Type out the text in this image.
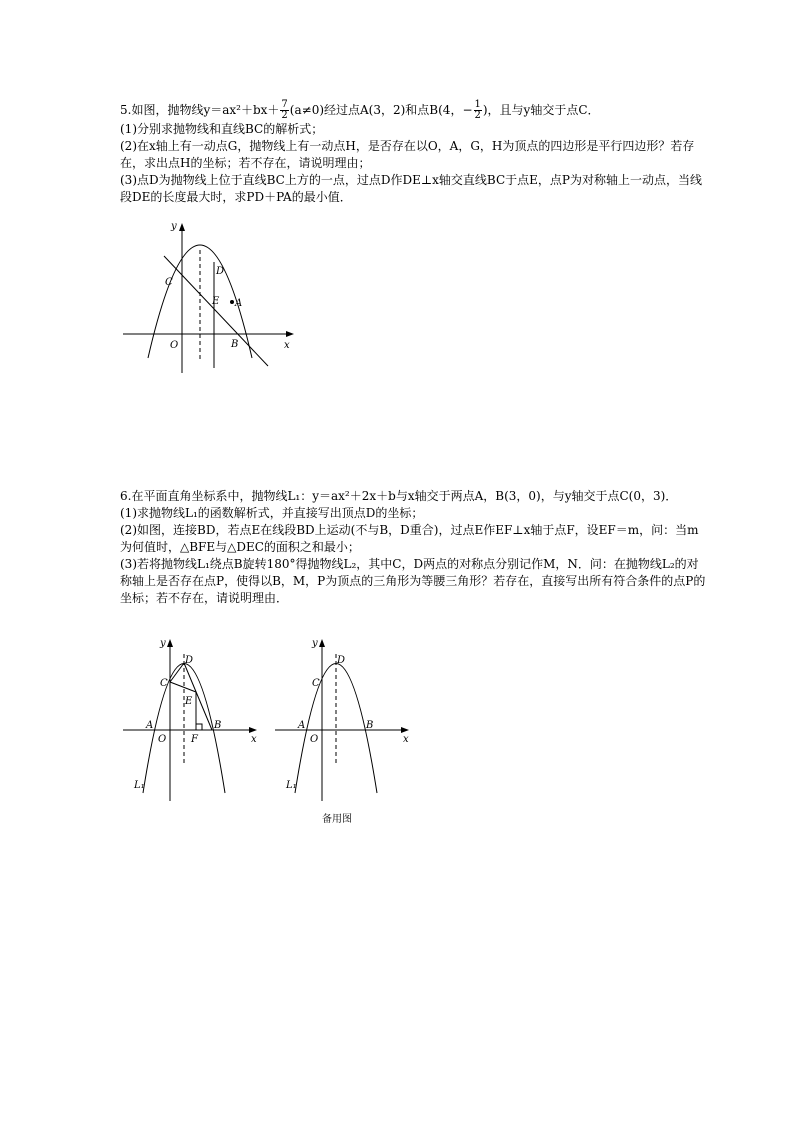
5.如图，抛物线$y=ax^2+bx+ \frac{7}{2} (a\ne 0)$经过点A(3，2)和点B(4，− $\frac{1}{2}$ )，且与y轴交于点C．

(1)分别求抛物线和直线BC的解析式；

(2)在x轴上有一动点G，抛物线上有一动点H，是否存在以O，A，G，H为顶点的四边形是平行四边形？若存在，求出点H的坐标；若不存在，请说明理由；

(3)点D为抛物线上位于直线BC上方的一点，过点D作DE⊥x轴交直线BC于点E，点P为对称轴上一动点，当线段DE的长度最大时，求PD＋PA的最小值．

y
x
O
C
D
E A
B

6.在平面直角坐标系中，抛物线L₁：y＝ax²＋2x＋b与x轴交于两点A，B(3，0)，与y轴交于点C(0，3)．

(1)求抛物线L₁的函数解析式，并直接写出顶点D的坐标；

(2)如图，连接BD，若点E在线段BD上运动(不与B，D重合)，过点E作EF⊥x轴于点F，设EF＝m，问：当m为何值时，△BFE与△DEC的面积之和最小；

(3)若将抛物线L₁绕点B旋转180°得抛物线L₂，其中C，D两点的对称点分别记作M，N．问：在抛物线L₂的对称轴上是否存在点P，使得以B，M，P为顶点的三角形为等腰三角形？若存在，直接写出所有符合条件的点P的坐标；若不存在，请说明理由．

y
x
O
A	B
C
D
E
F
L₁
y
x
O
A	B
C
D
L₁
备用图
